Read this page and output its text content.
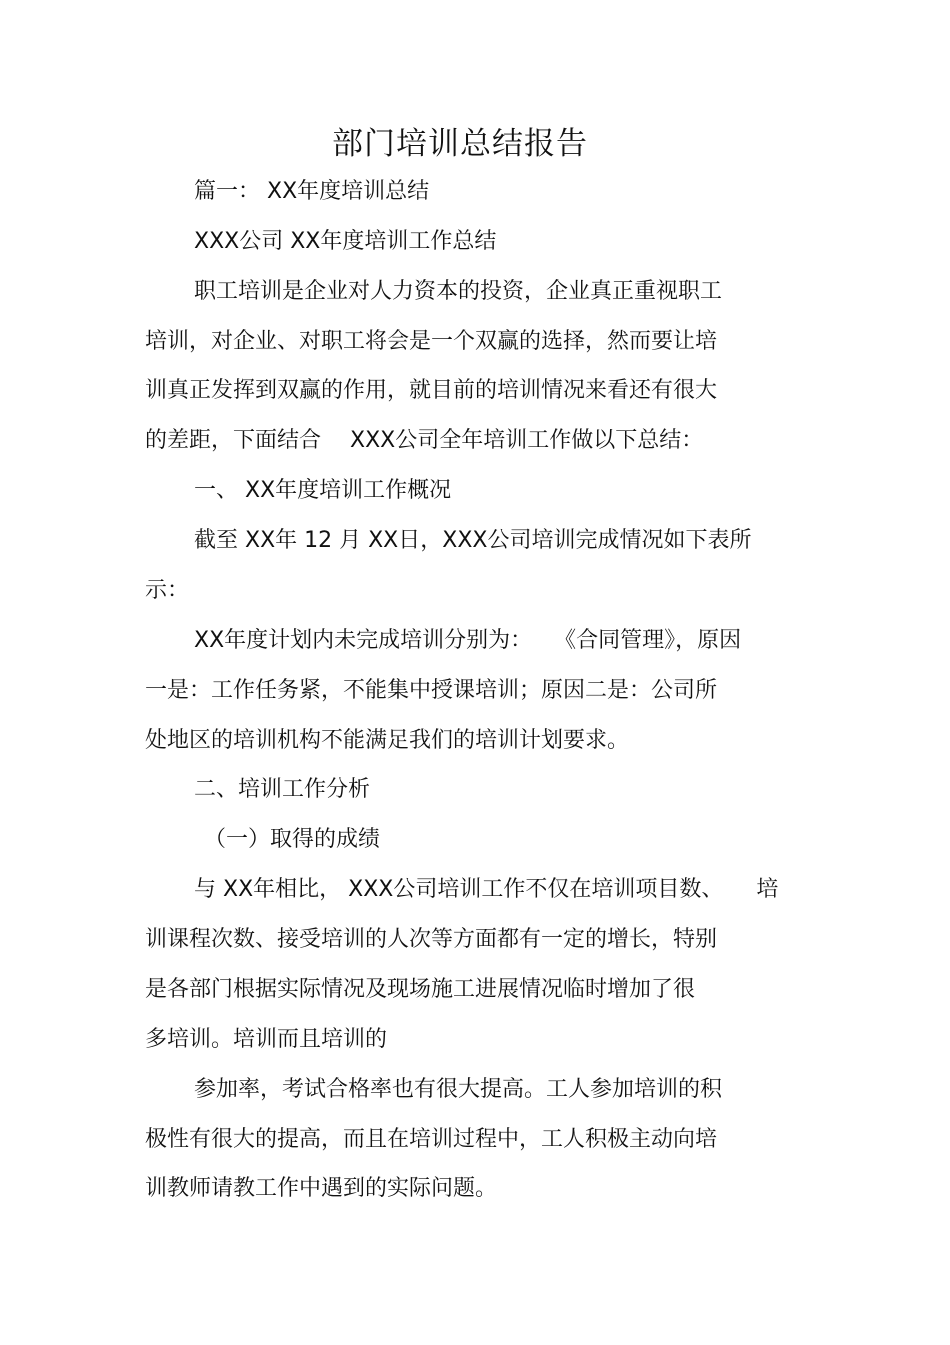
部门培训总结报告
篇一： XX年度培训总结
XXX公司 XX年度培训工作总结
职工培训是企业对人力资本的投资，企业真正重视职工
培训，对企业、对职工将会是一个双赢的选择，然而要让培
训真正发挥到双赢的作用，就目前的培训情况来看还有很大
的差距，下面结合　 XXX公司全年培训工作做以下总结：
一、 XX年度培训工作概况
截至 XX年 12 月 XX日，XXX公司培训完成情况如下表所
示：
XX年度计划内未完成培训分别为：　　《合同管理》，原因
一是：工作任务紧，不能集中授课培训；原因二是：公司所
处地区的培训机构不能满足我们的培训计划要求。
二、培训工作分析
（一）取得的成绩
与 XX年相比， XXX公司培训工作不仅在培训项目数、　　培
训课程次数、接受培训的人次等方面都有一定的增长，特别
是各部门根据实际情况及现场施工进展情况临时增加了很
多培训。培训而且培训的
参加率，考试合格率也有很大提高。工人参加培训的积
极性有很大的提高，而且在培训过程中，工人积极主动向培
训教师请教工作中遇到的实际问题。
